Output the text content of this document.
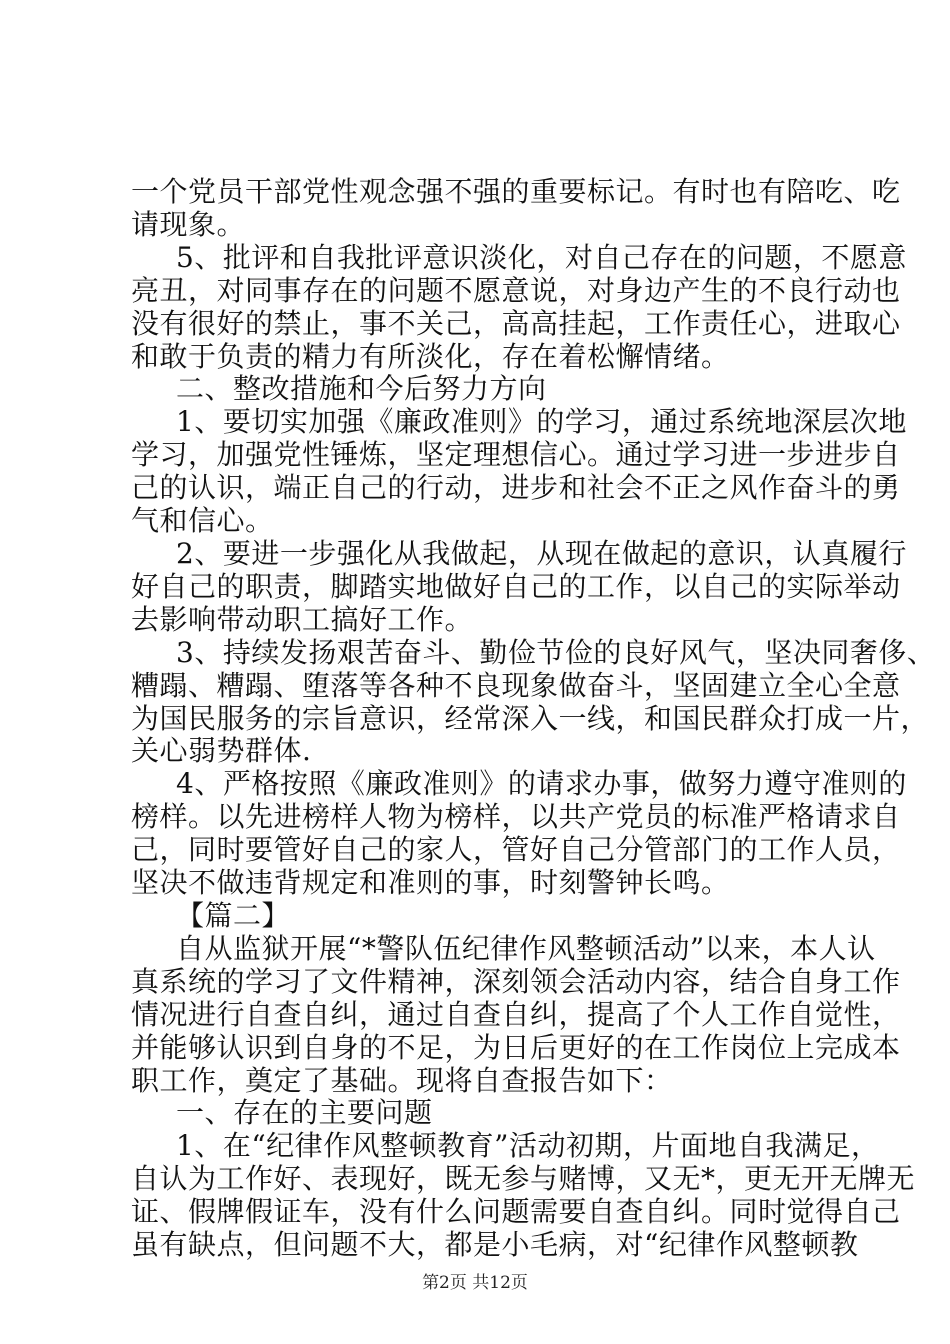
一个党员干部党性观念强不强的重要标记。有时也有陪吃、吃
请现象。
5、批评和自我批评意识淡化，对自己存在的问题，不愿意
亮丑，对同事存在的问题不愿意说，对身边产生的不良行动也
没有很好的禁止，事不关己，高高挂起，工作责任心，进取心
和敢于负责的精力有所淡化，存在着松懈情绪。
二、整改措施和今后努力方向
1、要切实加强《廉政准则》的学习，通过系统地深层次地
学习，加强党性锤炼，坚定理想信心。通过学习进一步进步自
己的认识，端正自己的行动，进步和社会不正之风作奋斗的勇
气和信心。
2、要进一步强化从我做起，从现在做起的意识，认真履行
好自己的职责，脚踏实地做好自己的工作，以自己的实际举动
去影响带动职工搞好工作。
3、持续发扬艰苦奋斗、勤俭节俭的良好风气，坚决同奢侈、
糟蹋、糟蹋、堕落等各种不良现象做奋斗，坚固建立全心全意
为国民服务的宗旨意识，经常深入一线，和国民群众打成一片，
关心弱势群体.
4、严格按照《廉政准则》的请求办事，做努力遵守准则的
榜样。以先进榜样人物为榜样，以共产党员的标准严格请求自
己，同时要管好自己的家人，管好自己分管部门的工作人员，
坚决不做违背规定和准则的事，时刻警钟长鸣。
【篇二】
自从监狱开展“*警队伍纪律作风整顿活动”以来，本人认
真系统的学习了文件精神，深刻领会活动内容，结合自身工作
情况进行自查自纠，通过自查自纠，提高了个人工作自觉性，
并能够认识到自身的不足，为日后更好的在工作岗位上完成本
职工作，奠定了基础。现将自查报告如下：
一、存在的主要问题
1、在“纪律作风整顿教育”活动初期，片面地自我满足，
自认为工作好、表现好，既无参与赌博，又无*，更无开无牌无
证、假牌假证车，没有什么问题需要自查自纠。同时觉得自己
虽有缺点，但问题不大，都是小毛病，对“纪律作风整顿教
第2页 共12页
